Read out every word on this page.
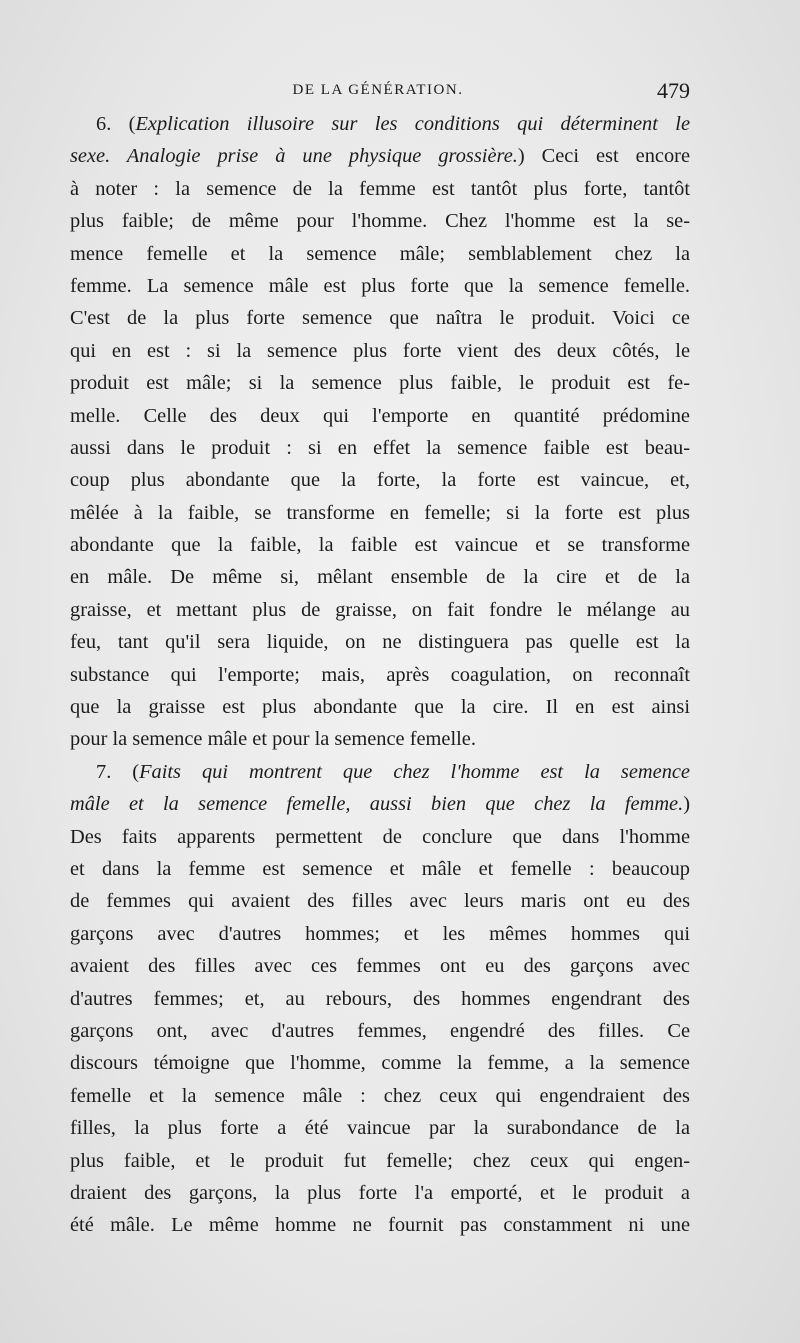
DE LA GÉNÉRATION.	479
6. (Explication illusoire sur les conditions qui déterminent le
sexe. Analogie prise à une physique grossière.) Ceci est encore
à noter : la semence de la femme est tantôt plus forte, tantôt
plus faible; de même pour l'homme. Chez l'homme est la se-
mence femelle et la semence mâle; semblablement chez la
femme. La semence mâle est plus forte que la semence femelle.
C'est de la plus forte semence que naîtra le produit. Voici ce
qui en est : si la semence plus forte vient des deux côtés, le
produit est mâle; si la semence plus faible, le produit est fe-
melle. Celle des deux qui l'emporte en quantité prédomine
aussi dans le produit : si en effet la semence faible est beau-
coup plus abondante que la forte, la forte est vaincue, et,
mêlée à la faible, se transforme en femelle; si la forte est plus
abondante que la faible, la faible est vaincue et se transforme
en mâle. De même si, mêlant ensemble de la cire et de la
graisse, et mettant plus de graisse, on fait fondre le mélange au
feu, tant qu'il sera liquide, on ne distinguera pas quelle est la
substance qui l'emporte; mais, après coagulation, on reconnaît
que la graisse est plus abondante que la cire. Il en est ainsi
pour la semence mâle et pour la semence femelle.
7. (Faits qui montrent que chez l'homme est la semence
mâle et la semence femelle, aussi bien que chez la femme.)
Des faits apparents permettent de conclure que dans l'homme
et dans la femme est semence et mâle et femelle : beaucoup
de femmes qui avaient des filles avec leurs maris ont eu des
garçons avec d'autres hommes; et les mêmes hommes qui
avaient des filles avec ces femmes ont eu des garçons avec
d'autres femmes; et, au rebours, des hommes engendrant des
garçons ont, avec d'autres femmes, engendré des filles. Ce
discours témoigne que l'homme, comme la femme, a la semence
femelle et la semence mâle : chez ceux qui engendraient des
filles, la plus forte a été vaincue par la surabondance de la
plus faible, et le produit fut femelle; chez ceux qui engen-
draient des garçons, la plus forte l'a emporté, et le produit a
été mâle. Le même homme ne fournit pas constamment ni une
